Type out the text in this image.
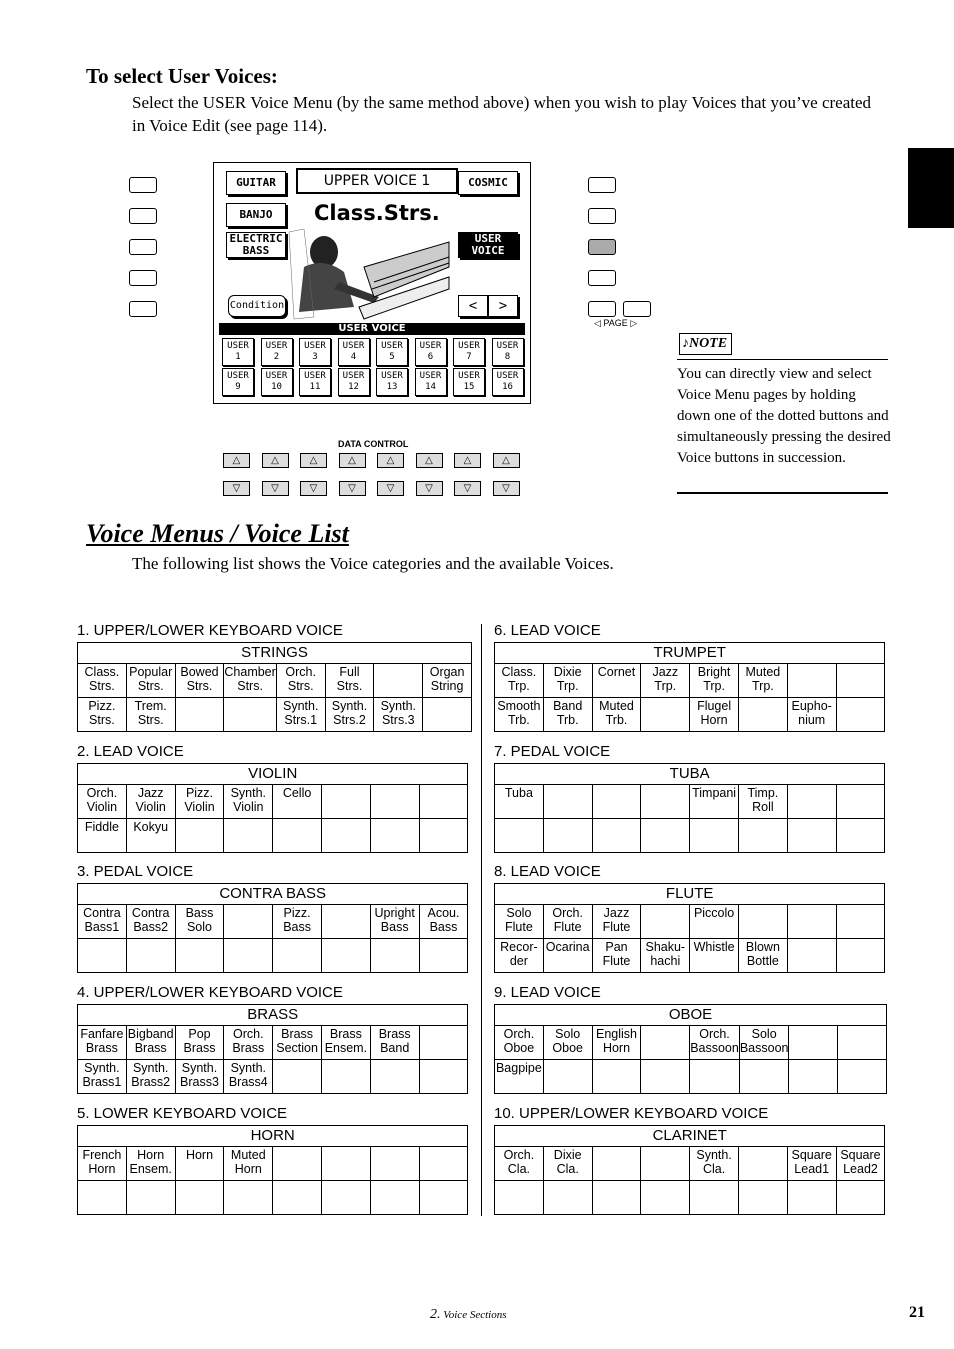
To select User Voices:
Select the USER Voice Menu (by the same method above) when you wish to play Voices that you’ve created in Voice Edit (see page 114).
◁ PAGE ▷
GUITAR
BANJO
ELECTRIC BASS
Condition
UPPER VOICE 1
Class.Strs.
COSMIC
USER VOICE
<	>
USER VOICE
USER 1
USER 2
USER 3
USER 4
USER 5
USER 6
USER 7
USER 8
USER 9
USER 10
USER 11
USER 12
USER 13
USER 14
USER 15
USER 16
DATA CONTROL
△
▽
△
▽
△
▽
△
▽
△
▽
△
▽
△
▽
△
▽
♪NOTE
You can directly view and select Voice Menu pages by holding down one of the dotted buttons and simultaneously pressing the desired Voice buttons in succession.
Voice Menus / Voice List
The following list shows the Voice categories and the available Voices.
1. UPPER/LOWER KEYBOARD VOICE
STRINGS							
Class. Strs.	Popular Strs.	Bowed Strs.	Chamber Strs.	Orch. Strs.	Full Strs.		Organ String
Pizz. Strs.	Trem. Strs.			Synth. Strs.1	Synth. Strs.2	Synth. Strs.3	
2. LEAD VOICE
VIOLIN							
Orch. Violin	Jazz Violin	Pizz. Violin	Synth. Violin	Cello			
Fiddle	Kokyu						
3. PEDAL VOICE
CONTRA BASS							
Contra Bass1	Contra Bass2	Bass Solo		Pizz. Bass		Upright Bass	Acou. Bass

4. UPPER/LOWER KEYBOARD VOICE
BRASS							
Fanfare Brass	Bigband Brass	Pop Brass	Orch. Brass	Brass Section	Brass Ensem.	Brass Band	
Synth. Brass1	Synth. Brass2	Synth. Brass3	Synth. Brass4				
5. LOWER KEYBOARD VOICE
HORN							
French Horn	Horn Ensem.	Horn	Muted Horn				

6. LEAD VOICE
TRUMPET							
Class. Trp.	Dixie Trp.	Cornet	Jazz Trp.	Bright Trp.	Muted Trp.		
Smooth Trb.	Band Trb.	Muted Trb.		Flugel Horn		Eupho- nium	
7. PEDAL VOICE
TUBA							
Tuba				Timpani	Timp. Roll		

8. LEAD VOICE
FLUTE							
Solo Flute	Orch. Flute	Jazz Flute		Piccolo			
Recor- der	Ocarina	Pan Flute	Shaku- hachi	Whistle	Blown Bottle		
9. LEAD VOICE
OBOE							
Orch. Oboe	Solo Oboe	English Horn		Orch. Bassoon	Solo Bassoon		
Bagpipe							
10. UPPER/LOWER KEYBOARD VOICE
CLARINET							
Orch. Cla.	Dixie Cla.			Synth. Cla.		Square Lead1	Square Lead2

2. Voice Sections	21
